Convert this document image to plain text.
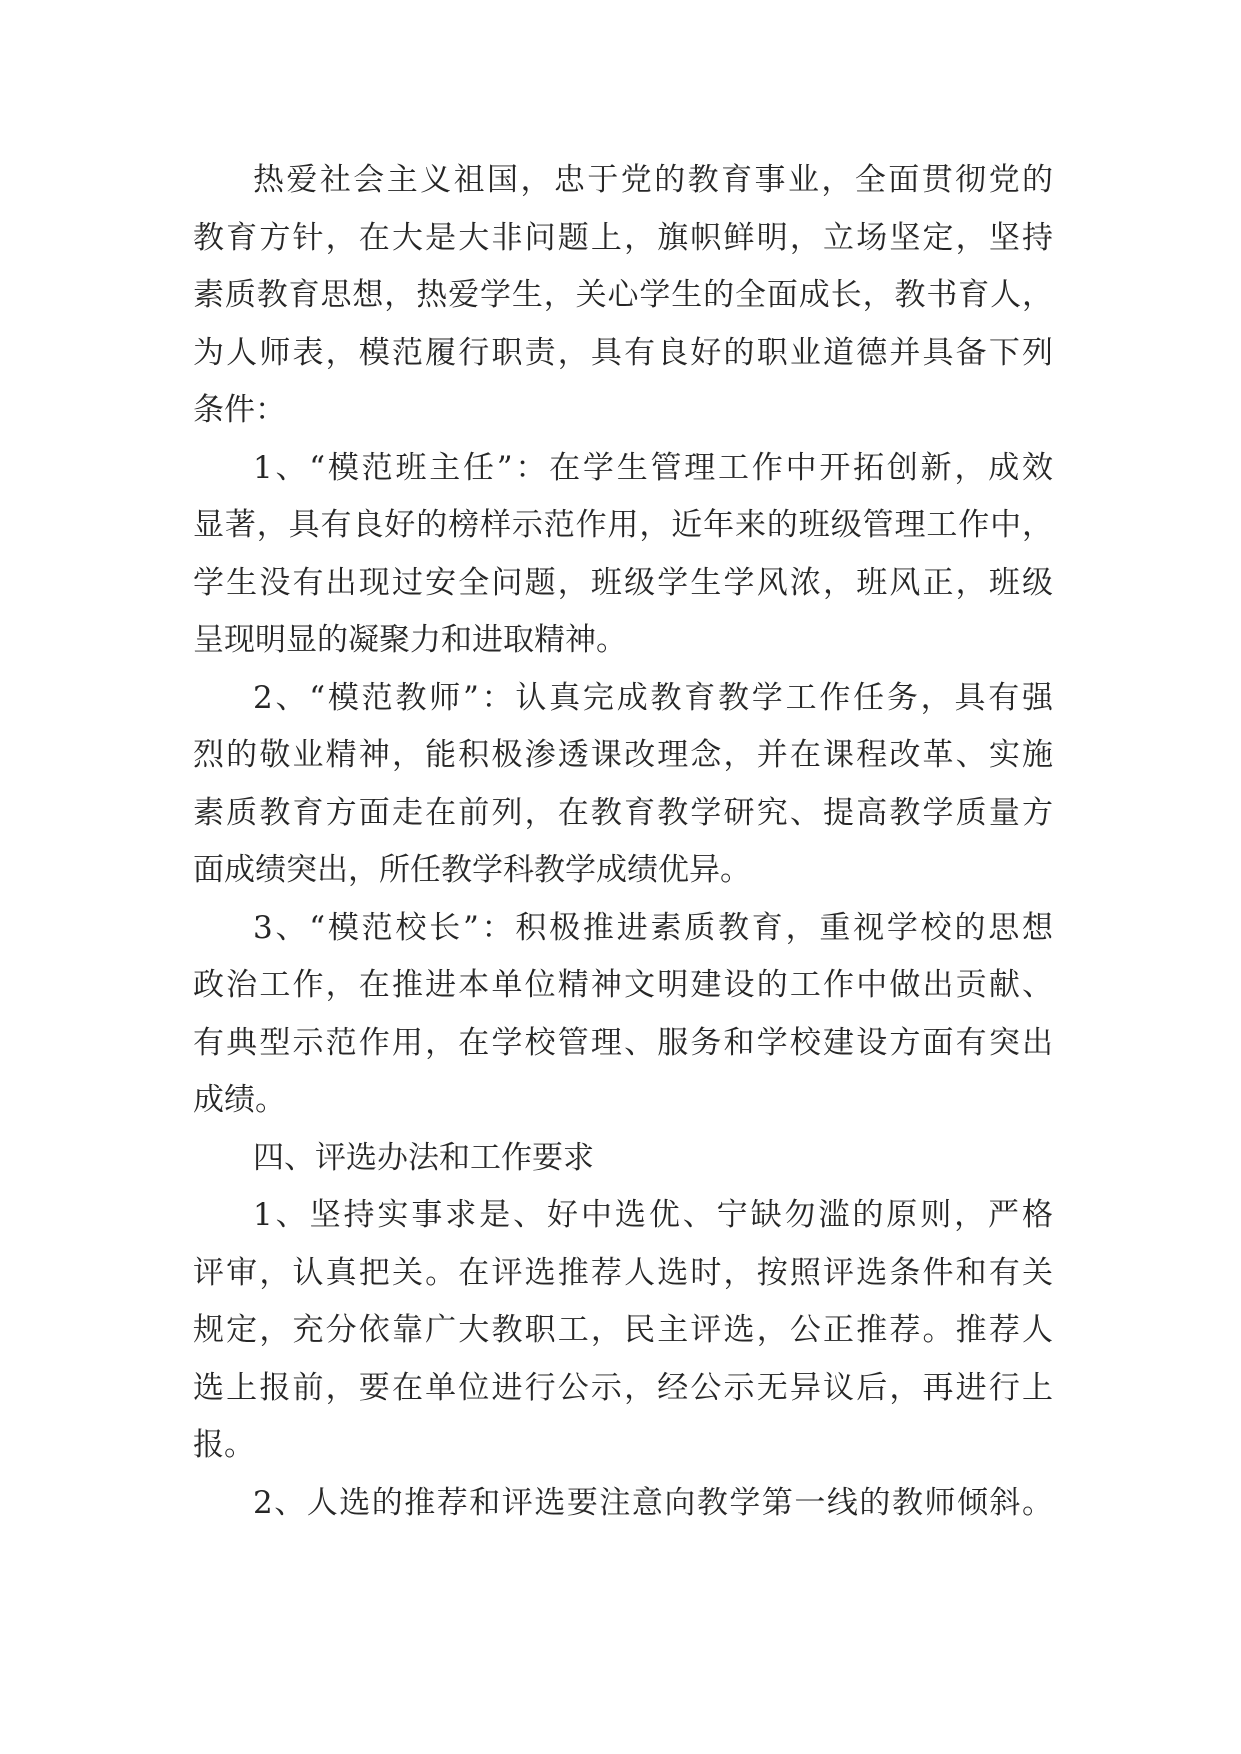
热爱社会主义祖国，忠于党的教育事业，全面贯彻党的

教育方针，在大是大非问题上，旗帜鲜明，立场坚定，坚持

素质教育思想，热爱学生，关心学生的全面成长，教书育人，

为人师表，模范履行职责，具有良好的职业道德并具备下列

条件：

1、“模范班主任”：在学生管理工作中开拓创新，成效

显著，具有良好的榜样示范作用，近年来的班级管理工作中，

学生没有出现过安全问题，班级学生学风浓，班风正，班级

呈现明显的凝聚力和进取精神。

2、“模范教师”：认真完成教育教学工作任务，具有强

烈的敬业精神，能积极渗透课改理念，并在课程改革、实施

素质教育方面走在前列，在教育教学研究、提高教学质量方

面成绩突出，所任教学科教学成绩优异。

3、“模范校长”：积极推进素质教育，重视学校的思想

政治工作，在推进本单位精神文明建设的工作中做出贡献、

有典型示范作用，在学校管理、服务和学校建设方面有突出

成绩。

四、评选办法和工作要求

1、坚持实事求是、好中选优、宁缺勿滥的原则，严格

评审，认真把关。在评选推荐人选时，按照评选条件和有关

规定，充分依靠广大教职工，民主评选，公正推荐。推荐人

选上报前，要在单位进行公示，经公示无异议后，再进行上

报。

2、人选的推荐和评选要注意向教学第一线的教师倾斜。
